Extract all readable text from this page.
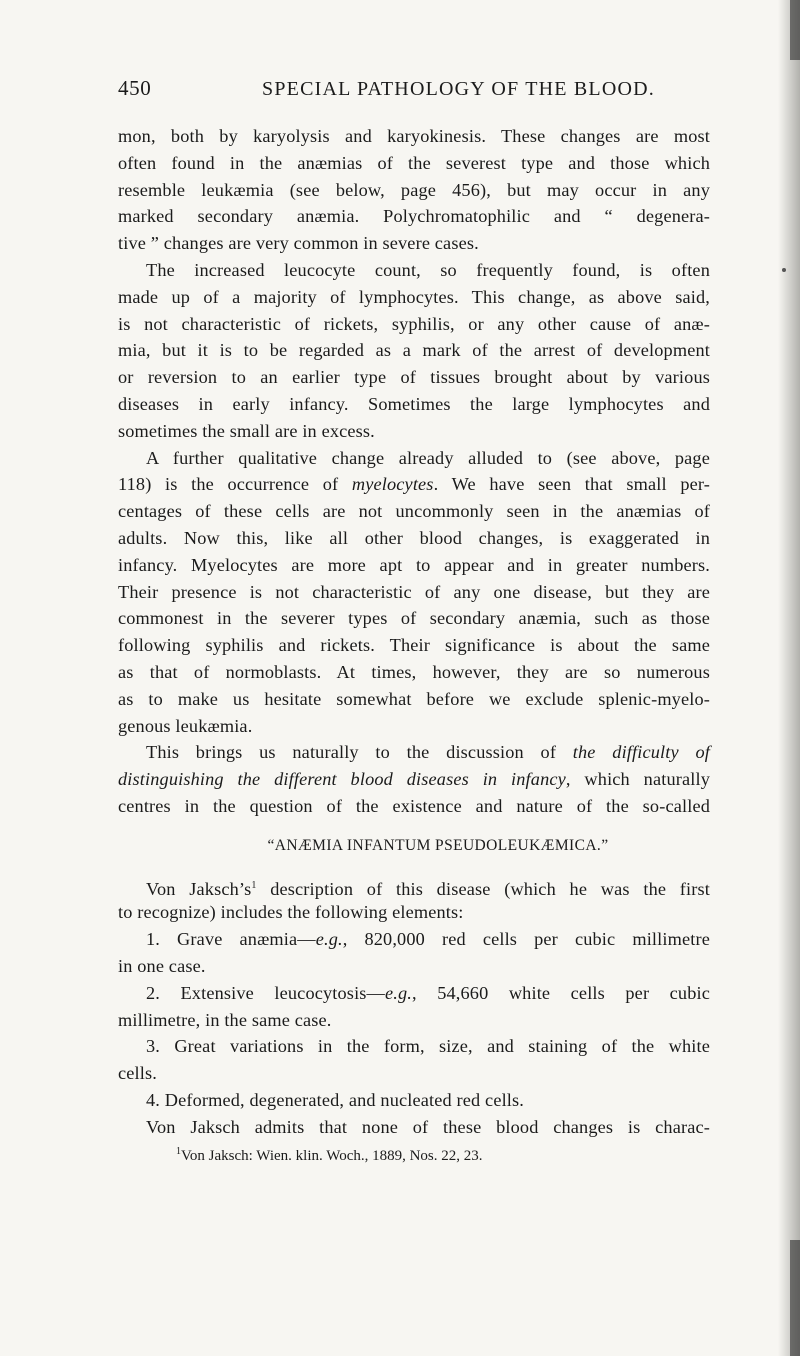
450	SPECIAL PATHOLOGY OF THE BLOOD.
mon, both by karyolysis and karyokinesis. These changes are most
often found in the anæmias of the severest type and those which
resemble leukæmia (see below, page 456), but may occur in any
marked secondary anæmia. Polychromatophilic and “ degenera-
tive ” changes are very common in severe cases.
The increased leucocyte count, so frequently found, is often
made up of a majority of lymphocytes. This change, as above said,
is not characteristic of rickets, syphilis, or any other cause of anæ-
mia, but it is to be regarded as a mark of the arrest of development
or reversion to an earlier type of tissues brought about by various
diseases in early infancy. Sometimes the large lymphocytes and
sometimes the small are in excess.
A further qualitative change already alluded to (see above, page
118) is the occurrence of myelocytes. We have seen that small per-
centages of these cells are not uncommonly seen in the anæmias of
adults. Now this, like all other blood changes, is exaggerated in
infancy. Myelocytes are more apt to appear and in greater numbers.
Their presence is not characteristic of any one disease, but they are
commonest in the severer types of secondary anæmia, such as those
following syphilis and rickets. Their significance is about the same
as that of normoblasts. At times, however, they are so numerous
as to make us hesitate somewhat before we exclude splenic-myelo-
genous leukæmia.
This brings us naturally to the discussion of the difficulty of
distinguishing the different blood diseases in infancy, which naturally
centres in the question of the existence and nature of the so-called
“ANÆMIA INFANTUM PSEUDOLEUKÆMICA.”
Von $Jaksch’s^1$ description of this disease (which he was the first
to recognize) includes the following elements:
1. Grave anæmia—e.g., 820,000 red cells per cubic millimetre
in one case.
2. Extensive leucocytosis—e.g., 54,660 white cells per cubic
millimetre, in the same case.
3. Great variations in the form, size, and staining of the white
cells.
4. Deformed, degenerated, and nucleated red cells.
Von Jaksch admits that none of these blood changes is charac-
$^1$Von Jaksch: Wien. klin. Woch., 1889, Nos. 22, 23.
